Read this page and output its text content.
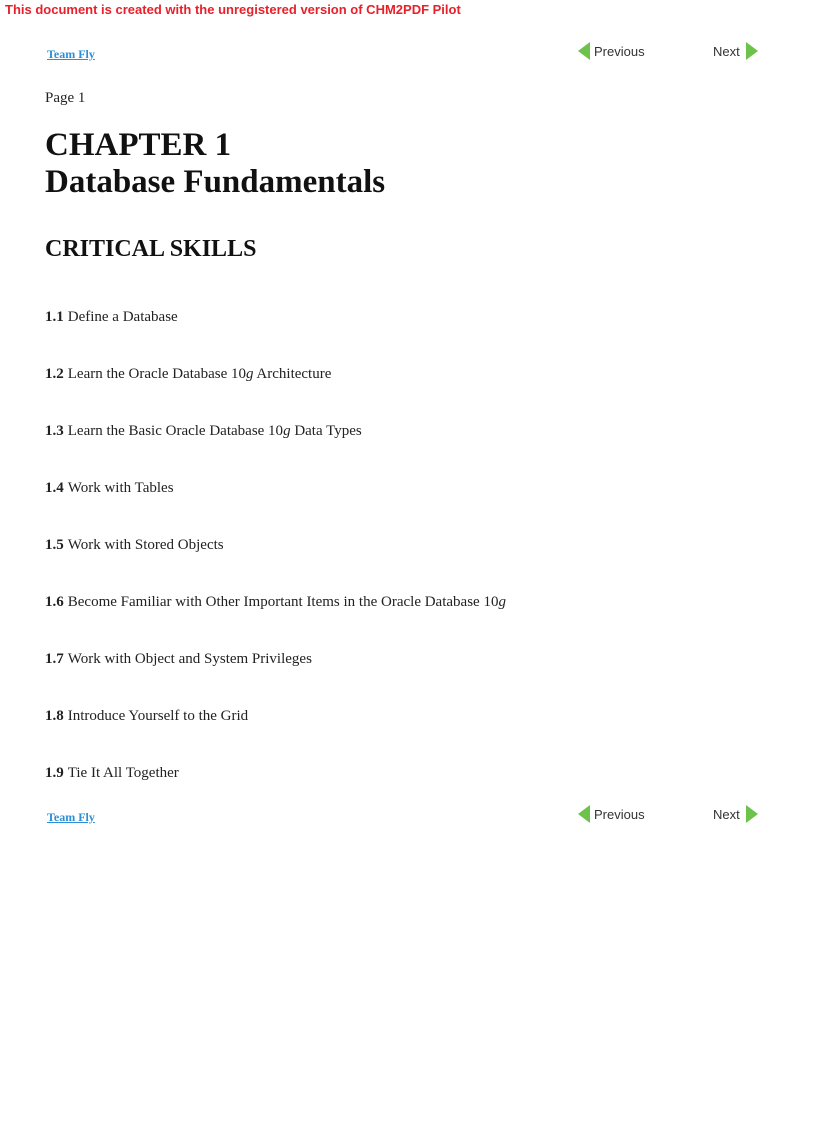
This document is created with the unregistered version of CHM2PDF Pilot
Team Fly	Previous	Next
Page 1
CHAPTER 1
Database Fundamentals
CRITICAL SKILLS
1.1 Define a Database
1.2 Learn the Oracle Database 10g Architecture
1.3 Learn the Basic Oracle Database 10g Data Types
1.4 Work with Tables
1.5 Work with Stored Objects
1.6 Become Familiar with Other Important Items in the Oracle Database 10g
1.7 Work with Object and System Privileges
1.8 Introduce Yourself to the Grid
1.9 Tie It All Together
Team Fly	Previous	Next
